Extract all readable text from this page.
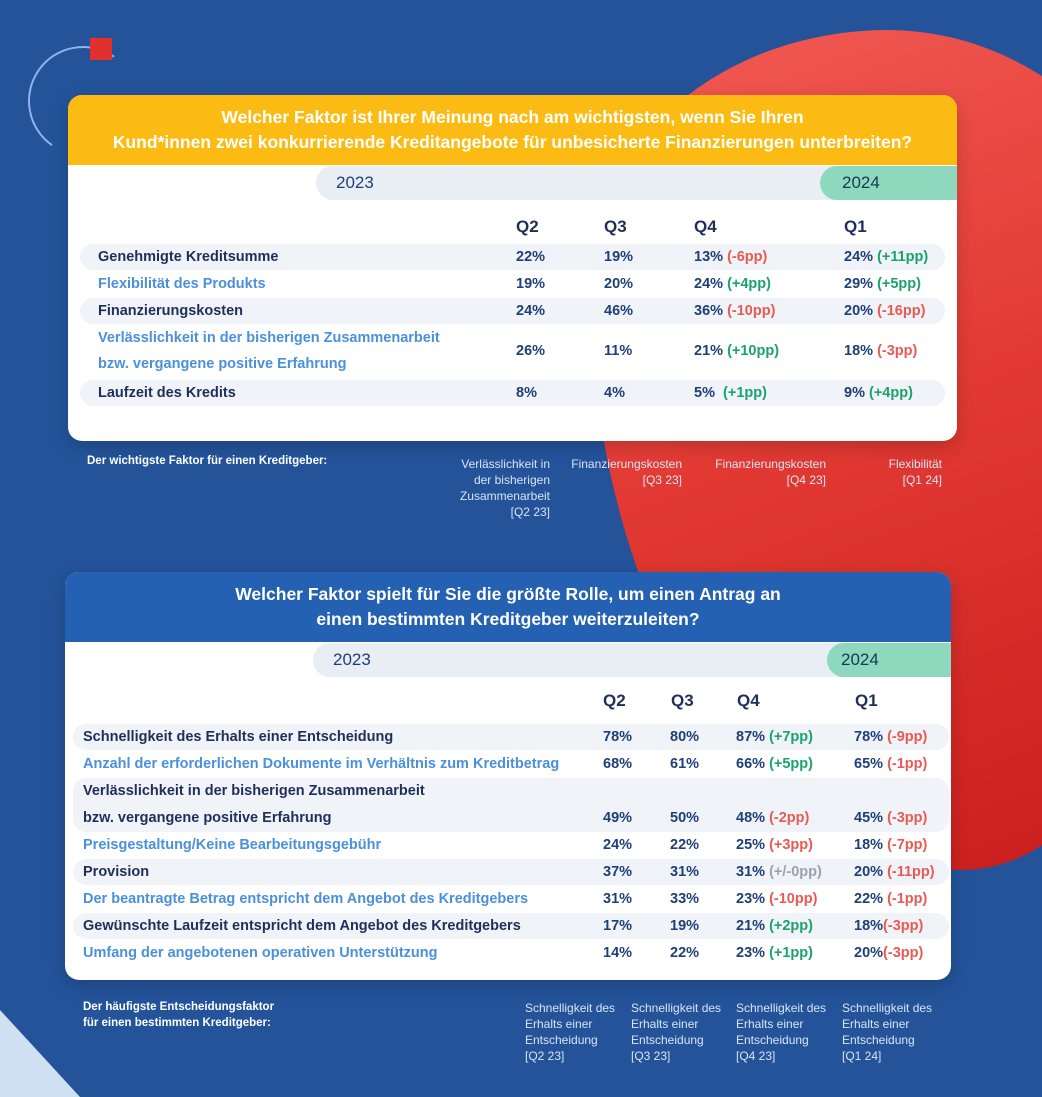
Welcher Faktor ist Ihrer Meinung nach am wichtigsten, wenn Sie Ihren
Kund*innen zwei konkurrierende Kreditangebote für unbesicherte Finanzierungen unterbreiten?
2023	2024
Q2	Q3	Q4	Q1
Genehmigte Kreditsumme	22%	19%	13% (-6pp)	24% (+11pp)
Flexibilität des Produkts	19%	20%	24% (+4pp)	29% (+5pp)
Finanzierungskosten	24%	46%	36% (-10pp)	20% (-16pp)
Verlässlichkeit in der bisherigen Zusammenarbeit
bzw. vergangene positive Erfahrung
26%	11%	21% (+10pp)	18% (-3pp)
Laufzeit des Kredits	8%	4%	5% (+1pp)	9% (+4pp)
Der wichtigste Faktor für einen Kreditgeber:	Verlässlichkeit in
der bisherigen
Zusammenarbeit
[Q2 23]
Finanzierungskosten
[Q3 23]
Finanzierungskosten
[Q4 23]
Flexibilität
[Q1 24]
Welcher Faktor spielt für Sie die größte Rolle, um einen Antrag an
einen bestimmten Kreditgeber weiterzuleiten?
2023	2024
Q2	Q3	Q4	Q1
Schnelligkeit des Erhalts einer Entscheidung	78%	80%	87% (+7pp)	78% (-9pp)
Anzahl der erforderlichen Dokumente im Verhältnis zum Kreditbetrag	68%	61%	66% (+5pp)	65% (-1pp)
Verlässlichkeit in der bisherigen Zusammenarbeit
bzw. vergangene positive Erfahrung	49%	50%	48% (-2pp)	45% (-3pp)
Preisgestaltung/Keine Bearbeitungsgebühr	24%	22%	25% (+3pp)	18% (-7pp)
Provision	37%	31%	31% (+/-0pp) 20% (-11pp)
Der beantragte Betrag entspricht dem Angebot des Kreditgebers	31%	33%	23% (-10pp)	22% (-1pp)
Gewünschte Laufzeit entspricht dem Angebot des Kreditgebers	17%	19%	21% (+2pp)	18%(-3pp)
Umfang der angebotenen operativen Unterstützung	14%	22%	23% (+1pp)	20%(-3pp)
Der häufigste Entscheidungsfaktor
für einen bestimmten Kreditgeber:
Schnelligkeit des
Erhalts einer
Entscheidung
[Q2 23]
Schnelligkeit des
Erhalts einer
Entscheidung
[Q3 23]
Schnelligkeit des
Erhalts einer
Entscheidung
[Q4 23]
Schnelligkeit des
Erhalts einer
Entscheidung
[Q1 24]
